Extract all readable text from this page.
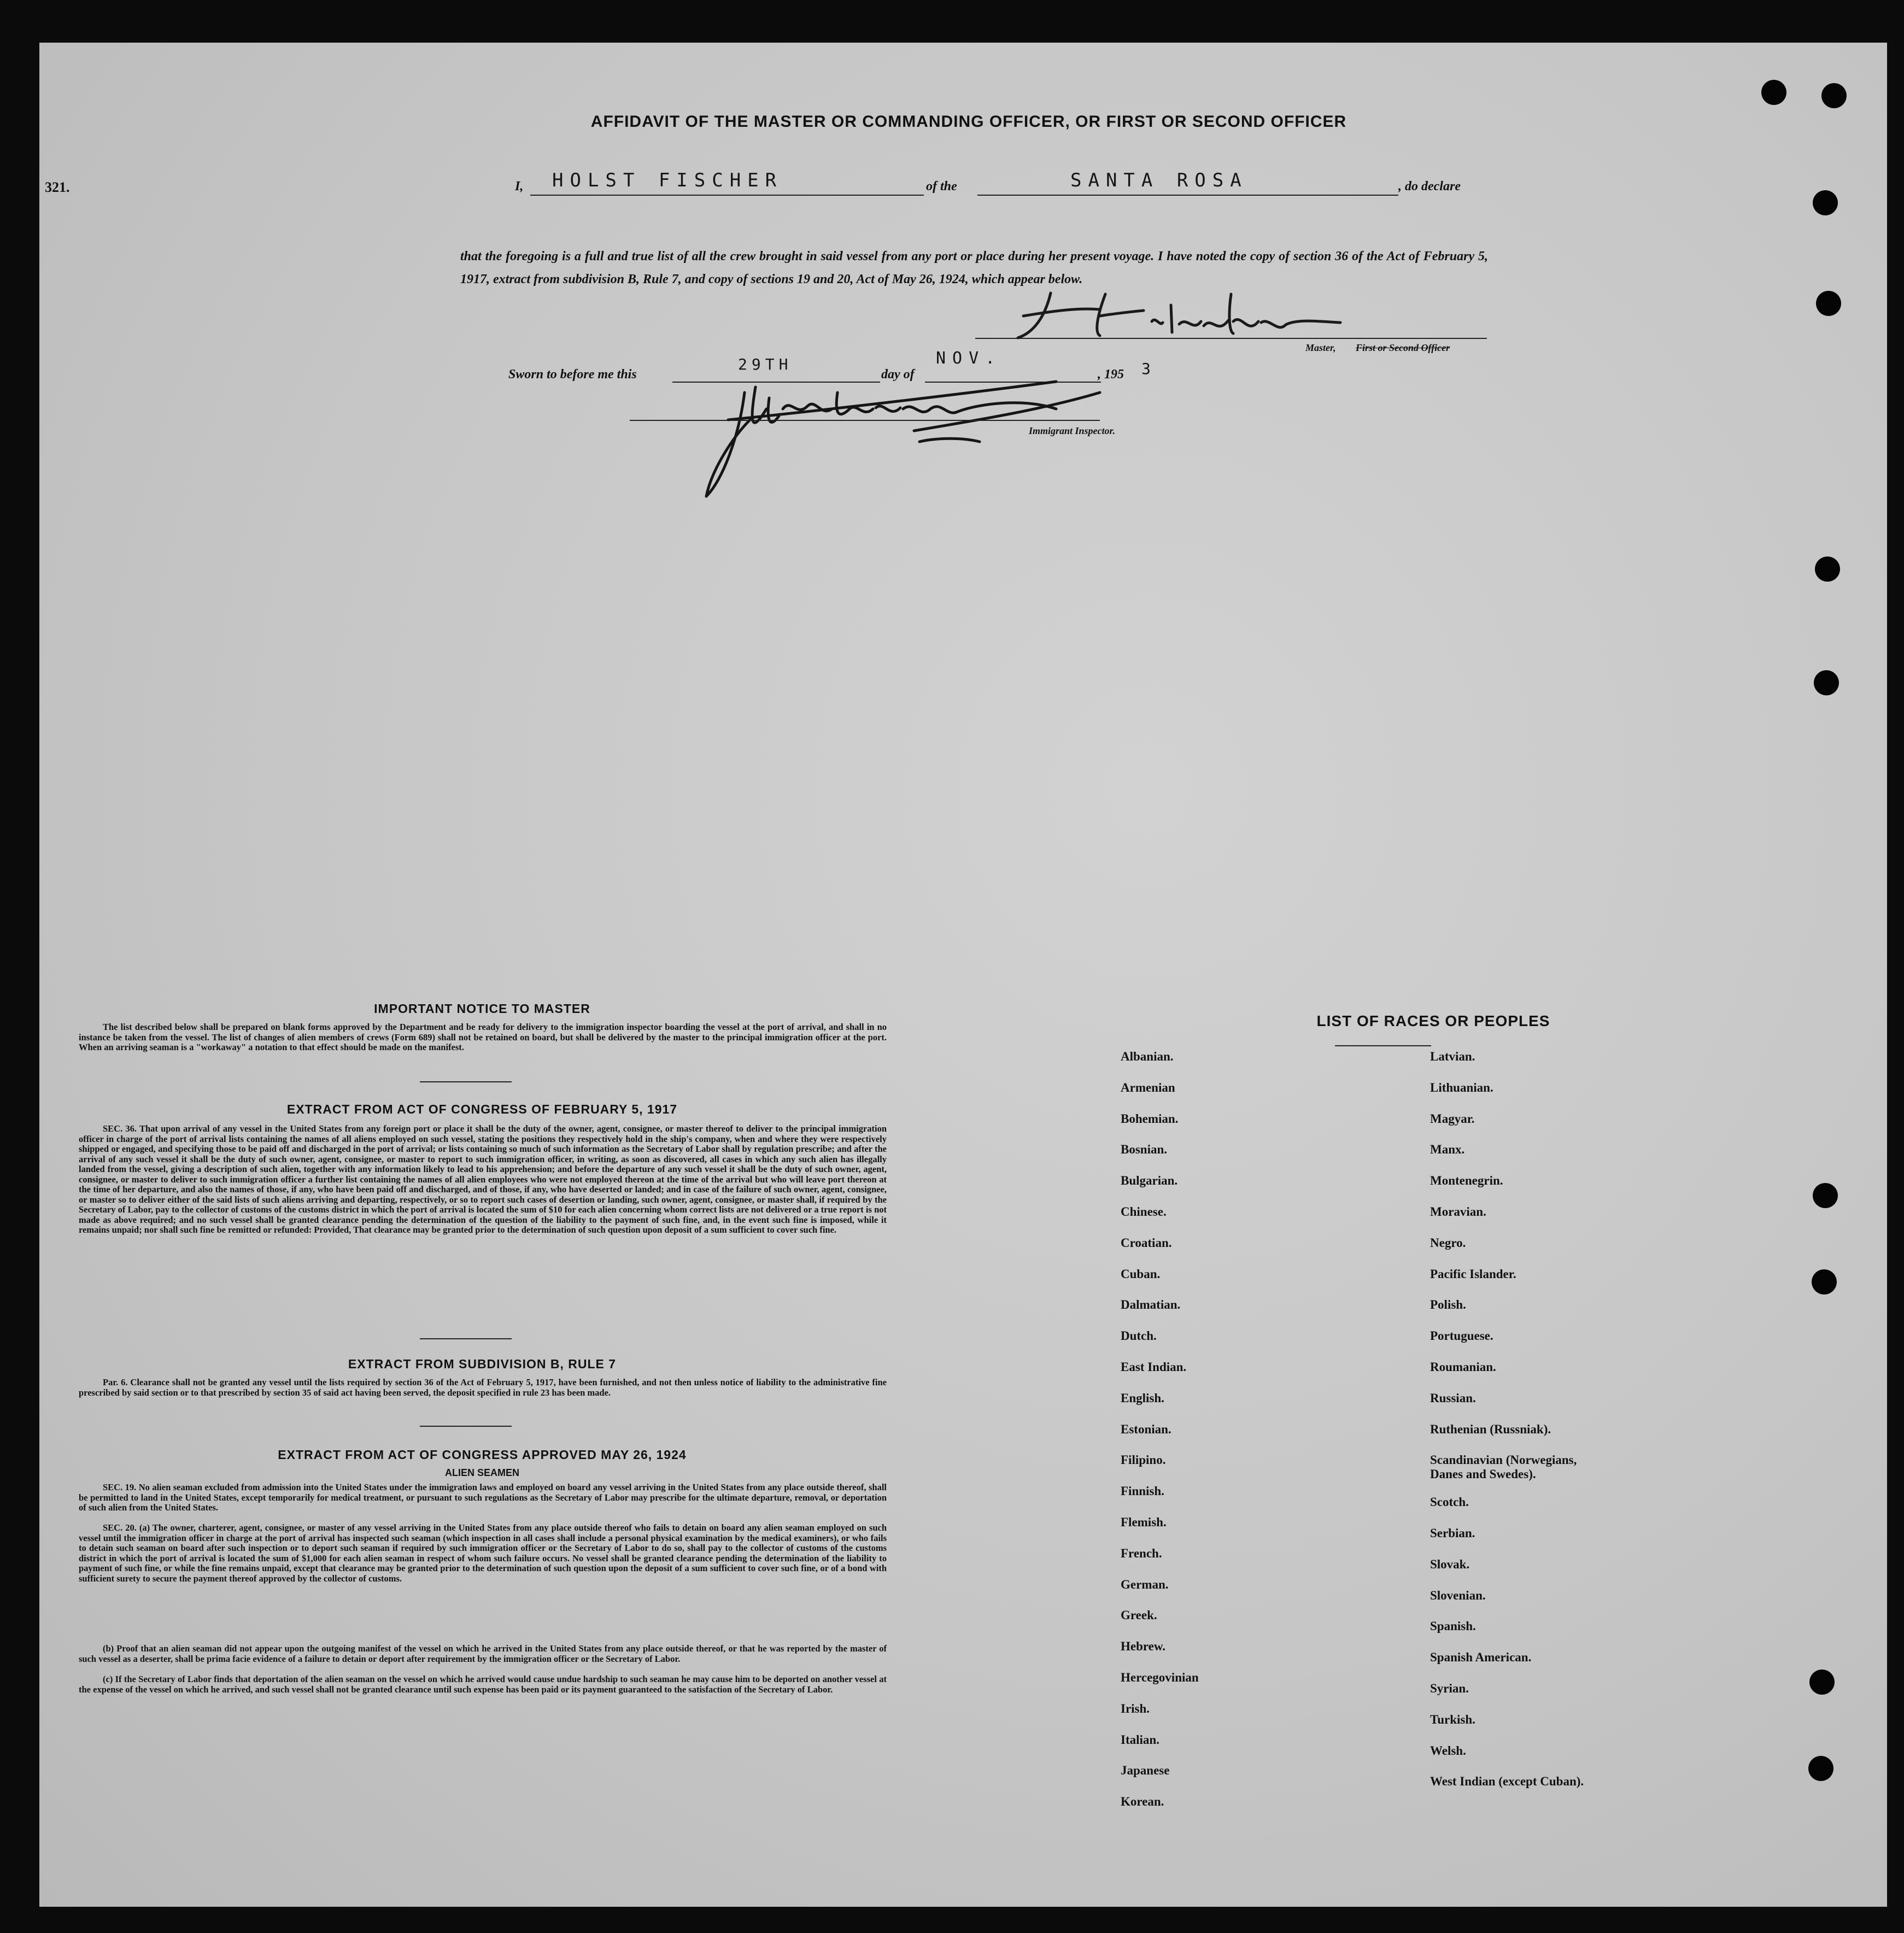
321.
AFFIDAVIT OF THE MASTER OR COMMANDING OFFICER, OR FIRST OR SECOND OFFICER
I, HOLST FISCHER	of the	SANTA ROSA	, do declare
that the foregoing is a full and true list of all the crew brought in said vessel from any port or place during her present voyage. I have noted the copy of section 36 of the Act of February 5, 1917, extract from subdivision B, Rule 7, and copy of sections 19 and 20, Act of May 26, 1924, which appear below.
Master, First or Second Officer
Sworn to before me this
29TH
day of
NOV.
, 195 3
Immigrant Inspector.
IMPORTANT NOTICE TO MASTER
The list described below shall be prepared on blank forms approved by the Department and be ready for delivery to the immigration inspector boarding the vessel at the port of arrival, and shall in no instance be taken from the vessel. The list of changes of alien members of crews (Form 689) shall not be retained on board, but shall be delivered by the master to the principal immigration officer at the port. When an arriving seaman is a "workaway" a notation to that effect should be made on the manifest.
EXTRACT FROM ACT OF CONGRESS OF FEBRUARY 5, 1917
SEC. 36. That upon arrival of any vessel in the United States from any foreign port or place it shall be the duty of the owner, agent, consignee, or master thereof to deliver to the principal immigration officer in charge of the port of arrival lists containing the names of all aliens employed on such vessel, stating the positions they respectively hold in the ship's company, when and where they were respectively shipped or engaged, and specifying those to be paid off and discharged in the port of arrival; or lists containing so much of such information as the Secretary of Labor shall by regulation prescribe; and after the arrival of any such vessel it shall be the duty of such owner, agent, consignee, or master to report to such immigration officer, in writing, as soon as discovered, all cases in which any such alien has illegally landed from the vessel, giving a description of such alien, together with any information likely to lead to his apprehension; and before the departure of any such vessel it shall be the duty of such owner, agent, consignee, or master to deliver to such immigration officer a further list containing the names of all alien employees who were not employed thereon at the time of the arrival but who will leave port thereon at the time of her departure, and also the names of those, if any, who have been paid off and discharged, and of those, if any, who have deserted or landed; and in case of the failure of such owner, agent, consignee, or master so to deliver either of the said lists of such aliens arriving and departing, respectively, or so to report such cases of desertion or landing, such owner, agent, consignee, or master shall, if required by the Secretary of Labor, pay to the collector of customs of the customs district in which the port of arrival is located the sum of $10 for each alien concerning whom correct lists are not delivered or a true report is not made as above required; and no such vessel shall be granted clearance pending the determination of the question of the liability to the payment of such fine, and, in the event such fine is imposed, while it remains unpaid; nor shall such fine be remitted or refunded: Provided, That clearance may be granted prior to the determination of such question upon deposit of a sum sufficient to cover such fine.
EXTRACT FROM SUBDIVISION B, RULE 7
Par. 6. Clearance shall not be granted any vessel until the lists required by section 36 of the Act of February 5, 1917, have been furnished, and not then unless notice of liability to the administrative fine prescribed by said section or to that prescribed by section 35 of said act having been served, the deposit specified in rule 23 has been made.
EXTRACT FROM ACT OF CONGRESS APPROVED MAY 26, 1924
ALIEN SEAMEN
SEC. 19. No alien seaman excluded from admission into the United States under the immigration laws and employed on board any vessel arriving in the United States from any place outside thereof, shall be permitted to land in the United States, except temporarily for medical treatment, or pursuant to such regulations as the Secretary of Labor may prescribe for the ultimate departure, removal, or deportation of such alien from the United States.
SEC. 20. (a) The owner, charterer, agent, consignee, or master of any vessel arriving in the United States from any place outside thereof who fails to detain on board any alien seaman employed on such vessel until the immigration officer in charge at the port of arrival has inspected such seaman (which inspection in all cases shall include a personal physical examination by the medical examiners), or who fails to detain such seaman on board after such inspection or to deport such seaman if required by such immigration officer or the Secretary of Labor to do so, shall pay to the collector of customs of the customs district in which the port of arrival is located the sum of $1,000 for each alien seaman in respect of whom such failure occurs. No vessel shall be granted clearance pending the determination of the liability to payment of such fine, or while the fine remains unpaid, except that clearance may be granted prior to the determination of such question upon the deposit of a sum sufficient to cover such fine, or of a bond with sufficient surety to secure the payment thereof approved by the collector of customs.
(b) Proof that an alien seaman did not appear upon the outgoing manifest of the vessel on which he arrived in the United States from any place outside thereof, or that he was reported by the master of such vessel as a deserter, shall be prima facie evidence of a failure to detain or deport after requirement by the immigration officer or the Secretary of Labor.
(c) If the Secretary of Labor finds that deportation of the alien seaman on the vessel on which he arrived would cause undue hardship to such seaman he may cause him to be deported on another vessel at the expense of the vessel on which he arrived, and such vessel shall not be granted clearance until such expense has been paid or its payment guaranteed to the satisfaction of the Secretary of Labor.
LIST OF RACES OR PEOPLES
Albanian.
Armenian
Bohemian.
Bosnian.
Bulgarian.
Chinese.
Croatian.
Cuban.
Dalmatian.
Dutch.
East Indian.
English.
Estonian.
Filipino.
Finnish.
Flemish.
French.
German.
Greek.
Hebrew.
Hercegovinian
Irish.
Italian.
Japanese
Korean.
Latvian.
Lithuanian.
Magyar.
Manx.
Montenegrin.
Moravian.
Negro.
Pacific Islander.
Polish.
Portuguese.
Roumanian.
Russian.
Ruthenian (Russniak).
Scandinavian (Norwegians, Danes and Swedes).
Scotch.
Serbian.
Slovak.
Slovenian.
Spanish.
Spanish American.
Syrian.
Turkish.
Welsh.
West Indian (except Cuban).
